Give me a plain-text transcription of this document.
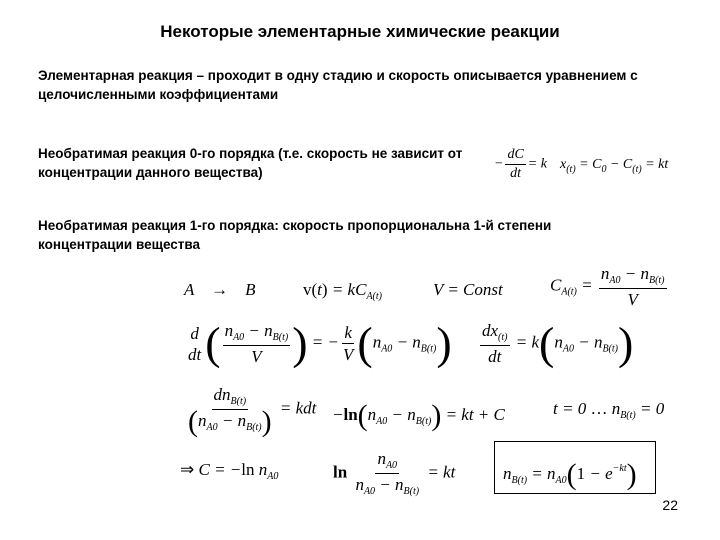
Некоторые элементарные химические реакции
Элементарная реакция – проходит в одну стадию и скорость описывается уравнением с целочисленными коэффициентами
Необратимая реакция 0-го порядка (т.е. скорость не зависит от концентрации данного вещества)
− $\frac{dC}{dt} = k$ $x_{(t)} = C_0 - C_{(t)}$ = kt
Необратимая реакция 1-го порядка: скорость пропорциональна 1-й степени концентрации вещества
A    →    B	$v(t) = kC_{A(t)}$	V = Const	$C_{A(t)} = \frac{n_{A0} - n_{B(t)}}{V}$
d
dt ( $\frac{n_{A0} - n_{B(t)}}{V}$ ) = − $\frac{k}{V} (n_{A0} - n_{B(t)}) \frac{dx_{(t)}}{dt} = k(n_{A0} - n_{B(t)})$
$\frac{dn_{B(t)}}{(n_{A0} - n_{B(t)})}$ = kdt $-\ln(n_{A0} - n_{B(t)})$ = kt + C	t = 0 … $n_{B(t)} = 0$
⇒ C = −ln $n_{A0}$	$\ln \frac{n_{A0}}{n_{A0} - n_{B(t)}}$ = kt	$n_{B(t)} = n_{A0}(1 - e^{-kt})$
22
